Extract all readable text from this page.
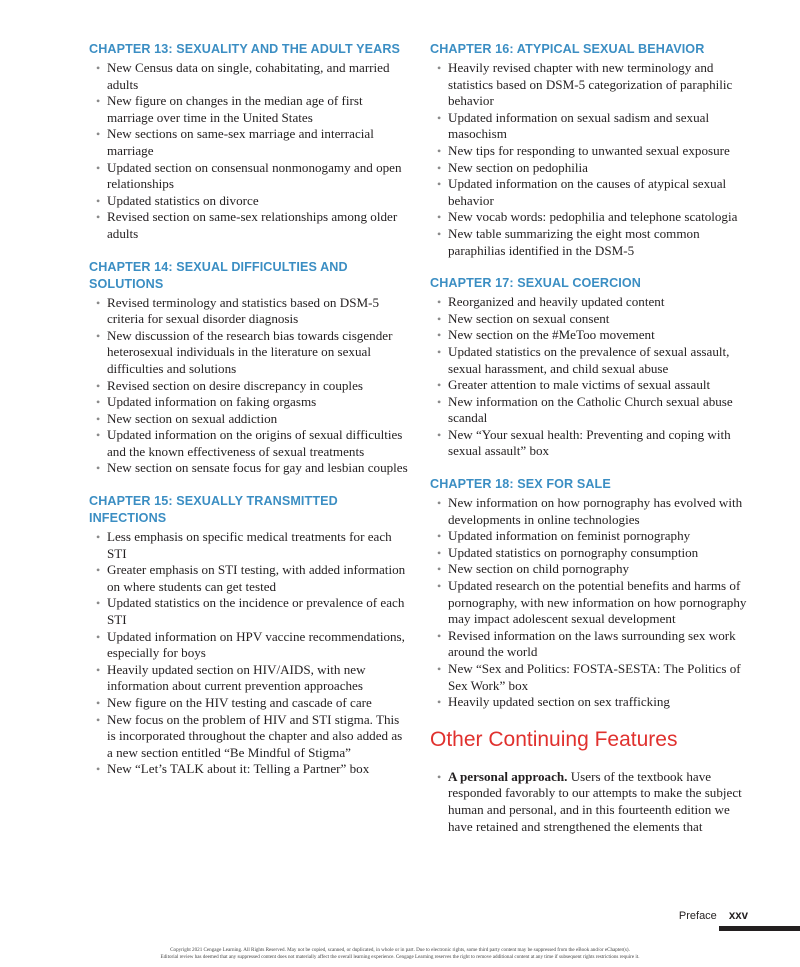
CHAPTER 13: SEXUALITY AND THE ADULT YEARS
• New Census data on single, cohabitating, and married adults
• New figure on changes in the median age of first marriage over time in the United States
• New sections on same-sex marriage and interracial marriage
• Updated section on consensual nonmonogamy and open relationships
• Updated statistics on divorce
• Revised section on same-sex relationships among older adults
CHAPTER 14: SEXUAL DIFFICULTIES AND SOLUTIONS
• Revised terminology and statistics based on DSM-5 criteria for sexual disorder diagnosis
• New discussion of the research bias towards cisgender heterosexual individuals in the literature on sexual difficulties and solutions
• Revised section on desire discrepancy in couples
• Updated information on faking orgasms
• New section on sexual addiction
• Updated information on the origins of sexual difficulties and the known effectiveness of sexual treatments
• New section on sensate focus for gay and lesbian couples
CHAPTER 15: SEXUALLY TRANSMITTED INFECTIONS
• Less emphasis on specific medical treatments for each STI
• Greater emphasis on STI testing, with added information on where students can get tested
• Updated statistics on the incidence or prevalence of each STI
• Updated information on HPV vaccine recommendations, especially for boys
• Heavily updated section on HIV/AIDS, with new information about current prevention approaches
• New figure on the HIV testing and cascade of care
• New focus on the problem of HIV and STI stigma. This is incorporated throughout the chapter and also added as a new section entitled “Be Mindful of Stigma”
• New “Let’s TALK about it: Telling a Partner” box
CHAPTER 16: ATYPICAL SEXUAL BEHAVIOR
• Heavily revised chapter with new terminology and statistics based on DSM-5 categorization of paraphilic behavior
• Updated information on sexual sadism and sexual masochism
• New tips for responding to unwanted sexual exposure
• New section on pedophilia
• Updated information on the causes of atypical sexual behavior
• New vocab words: pedophilia and telephone scatologia
• New table summarizing the eight most common paraphilias identified in the DSM-5
CHAPTER 17: SEXUAL COERCION
• Reorganized and heavily updated content
• New section on sexual consent
• New section on the #MeToo movement
• Updated statistics on the prevalence of sexual assault, sexual harassment, and child sexual abuse
• Greater attention to male victims of sexual assault
• New information on the Catholic Church sexual abuse scandal
• New “Your sexual health: Preventing and coping with sexual assault” box
CHAPTER 18: SEX FOR SALE
• New information on how pornography has evolved with developments in online technologies
• Updated information on feminist pornography
• Updated statistics on pornography consumption
• New section on child pornography
• Updated research on the potential benefits and harms of pornography, with new information on how pornography may impact adolescent sexual development
• Revised information on the laws surrounding sex work around the world
• New “Sex and Politics: FOSTA-SESTA: The Politics of Sex Work” box
• Heavily updated section on sex trafficking
Other Continuing Features
• A personal approach. Users of the textbook have responded favorably to our attempts to make the subject human and personal, and in this fourteenth edition we have retained and strengthened the elements that
Preface xxv
Copyright 2021 Cengage Learning. All Rights Reserved. May not be copied, scanned, or duplicated, in whole or in part. Due to electronic rights, some third party content may be suppressed from the eBook and/or eChapter(s).
Editorial review has deemed that any suppressed content does not materially affect the overall learning experience. Cengage Learning reserves the right to remove additional content at any time if subsequent rights restrictions require it.
